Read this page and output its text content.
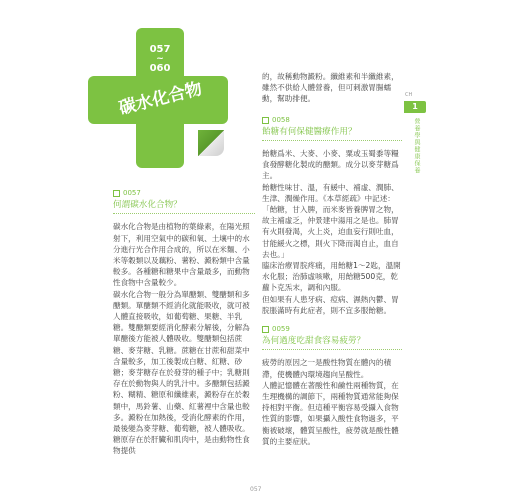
057
~
060
碳水化合物
0057
何謂碳水化合物？

碳水化合物是由植物的葉綠素，在陽光照射下，利用空氣中的碳和氧、土壤中的水分進行光合作用合成的，所以在米麵、小米等穀類以及藕粉、薯粉、澱粉類中含量較多。各種糖和糖果中含量最多，而動物性食物中含量較少。

碳水化合物一般分為單醣類、雙醣類和多醣類。單醣類不經消化就能吸收，就可被人體直接吸收，如葡萄糖、果糖、半乳糖。雙醣類要經消化酵素分解後，分解為單醣後方能被人體吸收。雙醣類包括蔗糖、麥芽糖、乳糖。蔗糖在甘蔗和甜菜中含量較多，加工後製成白糖、紅糖、砂糖；麥芽糖存在於發芽的種子中；乳糖則存在於動物與人的乳汁中。多醣類包括澱粉、糊精、糖原和纖維素，澱粉存在於穀類中，馬鈴薯、山藥、紅薯裡中含量也較多。澱粉在加熱後，受消化酵素的作用，最後變為麥芽糖、葡萄糖，被人體吸收。糖原存在於肝臟和肌肉中，是由動物性食物提供

的，故稱動物澱粉。纖維素和半纖維素，雖然不供給人體營養，但可刺激胃腸蠕動，幫助排便。

0058
飴糖有何保健醫療作用？

飴糖爲米、大麥、小麥、粟或玉蜀黍等糧食發酵糖化製成的醣類。成分以麥芽糖爲主。

飴糖性味甘、溫，有緩中、補虛、潤肺、生津、潤燥作用。《本草經疏》中記述：「飴糖，甘入脾，而米麥皆養脾胃之物，故主補虛乏，仲景建中湯用之是也。肺胃有火則發渴，火上炎，迫血妄行則吐血，甘能緩火之標，則火下降而渴自止，血自去也。」

臨床治療胃脘疼痛，用飴糖1～2匙，溫開水化服；治肺虛咳嗽，用飴糖500克，乾蘿卜克炁末，調和內服。

但如果有人患牙病、痘病、濕熱內鬱、胃脘脹滿時有此症者，則不宜多服飴糖。

0059
為何過度吃甜食容易疲勞？

疲勞的原因之一是酸性物質在體內的積滯，使機體內環境趨向呈酸性。

人體記憶體在著酸性和鹼性兩種物質，在生理機構的調節下，兩種物質通常能夠保持相對平衡。但這種平衡容易受攝入食物性質的影響，如果攝入酸性食物過多，平衡被破壞，體質呈酸性，疲勞就是酸性體質的主要症狀。

CH
1
營養學與健康保養
057
